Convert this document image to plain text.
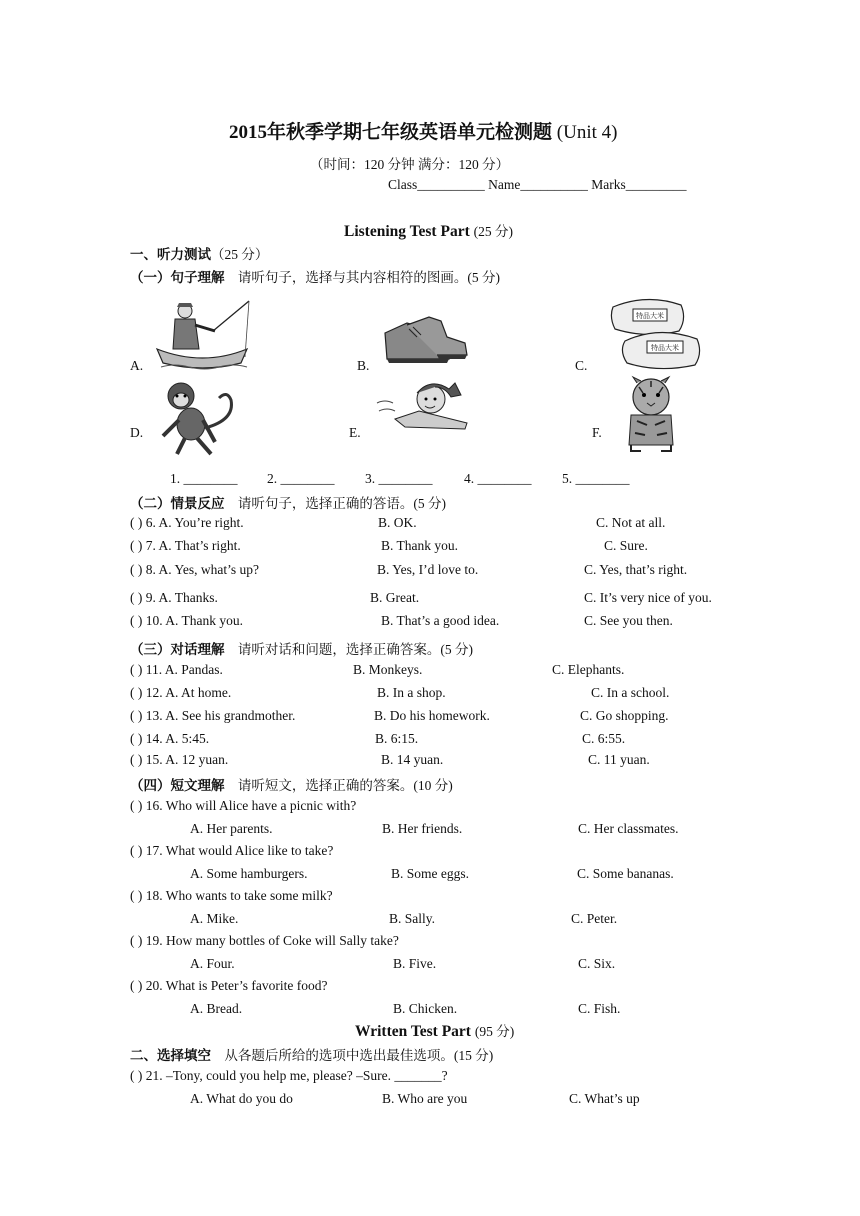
2015年秋季学期七年级英语单元检测题 (Unit 4)
（时间：120 分钟 满分：120 分）
Class__________ Name__________ Marks_________
Listening Test Part (25 分)
一、听力测试（25 分）
（一）句子理解 请听句子，选择与其内容相符的图画。(5 分)
A.	B.	C.
D.	E.	F.
特品大米
特品大米
1. ________ 2. ________ 3. ________ 4. ________ 5. ________
（二）情景反应 请听句子，选择正确的答语。(5 分)
( ) 6. A. You’re right.	B. OK.	C. Not at all.
( ) 7. A. That’s right.	B. Thank you.	C. Sure.
( ) 8. A. Yes, what’s up?	B. Yes, I’d love to.	C. Yes, that’s right.
( ) 9. A. Thanks.	B. Great.	C. It’s very nice of you.
( ) 10. A. Thank you.	B. That’s a good idea.	C. See you then.
（三）对话理解 请听对话和问题，选择正确答案。(5 分)
( ) 11. A. Pandas.	B. Monkeys.	C. Elephants.
( ) 12. A. At home.	B. In a shop.	C. In a school.
( ) 13. A. See his grandmother.	B. Do his homework.	C. Go shopping.
( ) 14. A. 5:45.	B. 6:15.	C. 6:55.
( ) 15. A. 12 yuan.	B. 14 yuan.	C. 11 yuan.
（四）短文理解 请听短文，选择正确的答案。(10 分)
( ) 16. Who will Alice have a picnic with?
A. Her parents.	B. Her friends.	C. Her classmates.
( ) 17. What would Alice like to take?
A. Some hamburgers.	B. Some eggs.	C. Some bananas.
( ) 18. Who wants to take some milk?
A. Mike.	B. Sally.	C. Peter.
( ) 19. How many bottles of Coke will Sally take?
A. Four.	B. Five.	C. Six.
( ) 20. What is Peter’s favorite food?
A. Bread.	B. Chicken.	C. Fish.
Written Test Part (95 分)
二、选择填空 从各题后所给的选项中选出最佳选项。(15 分)
( ) 21. –Tony, could you help me, please? –Sure. _______?
A. What do you do	B. Who are you	C. What’s up
